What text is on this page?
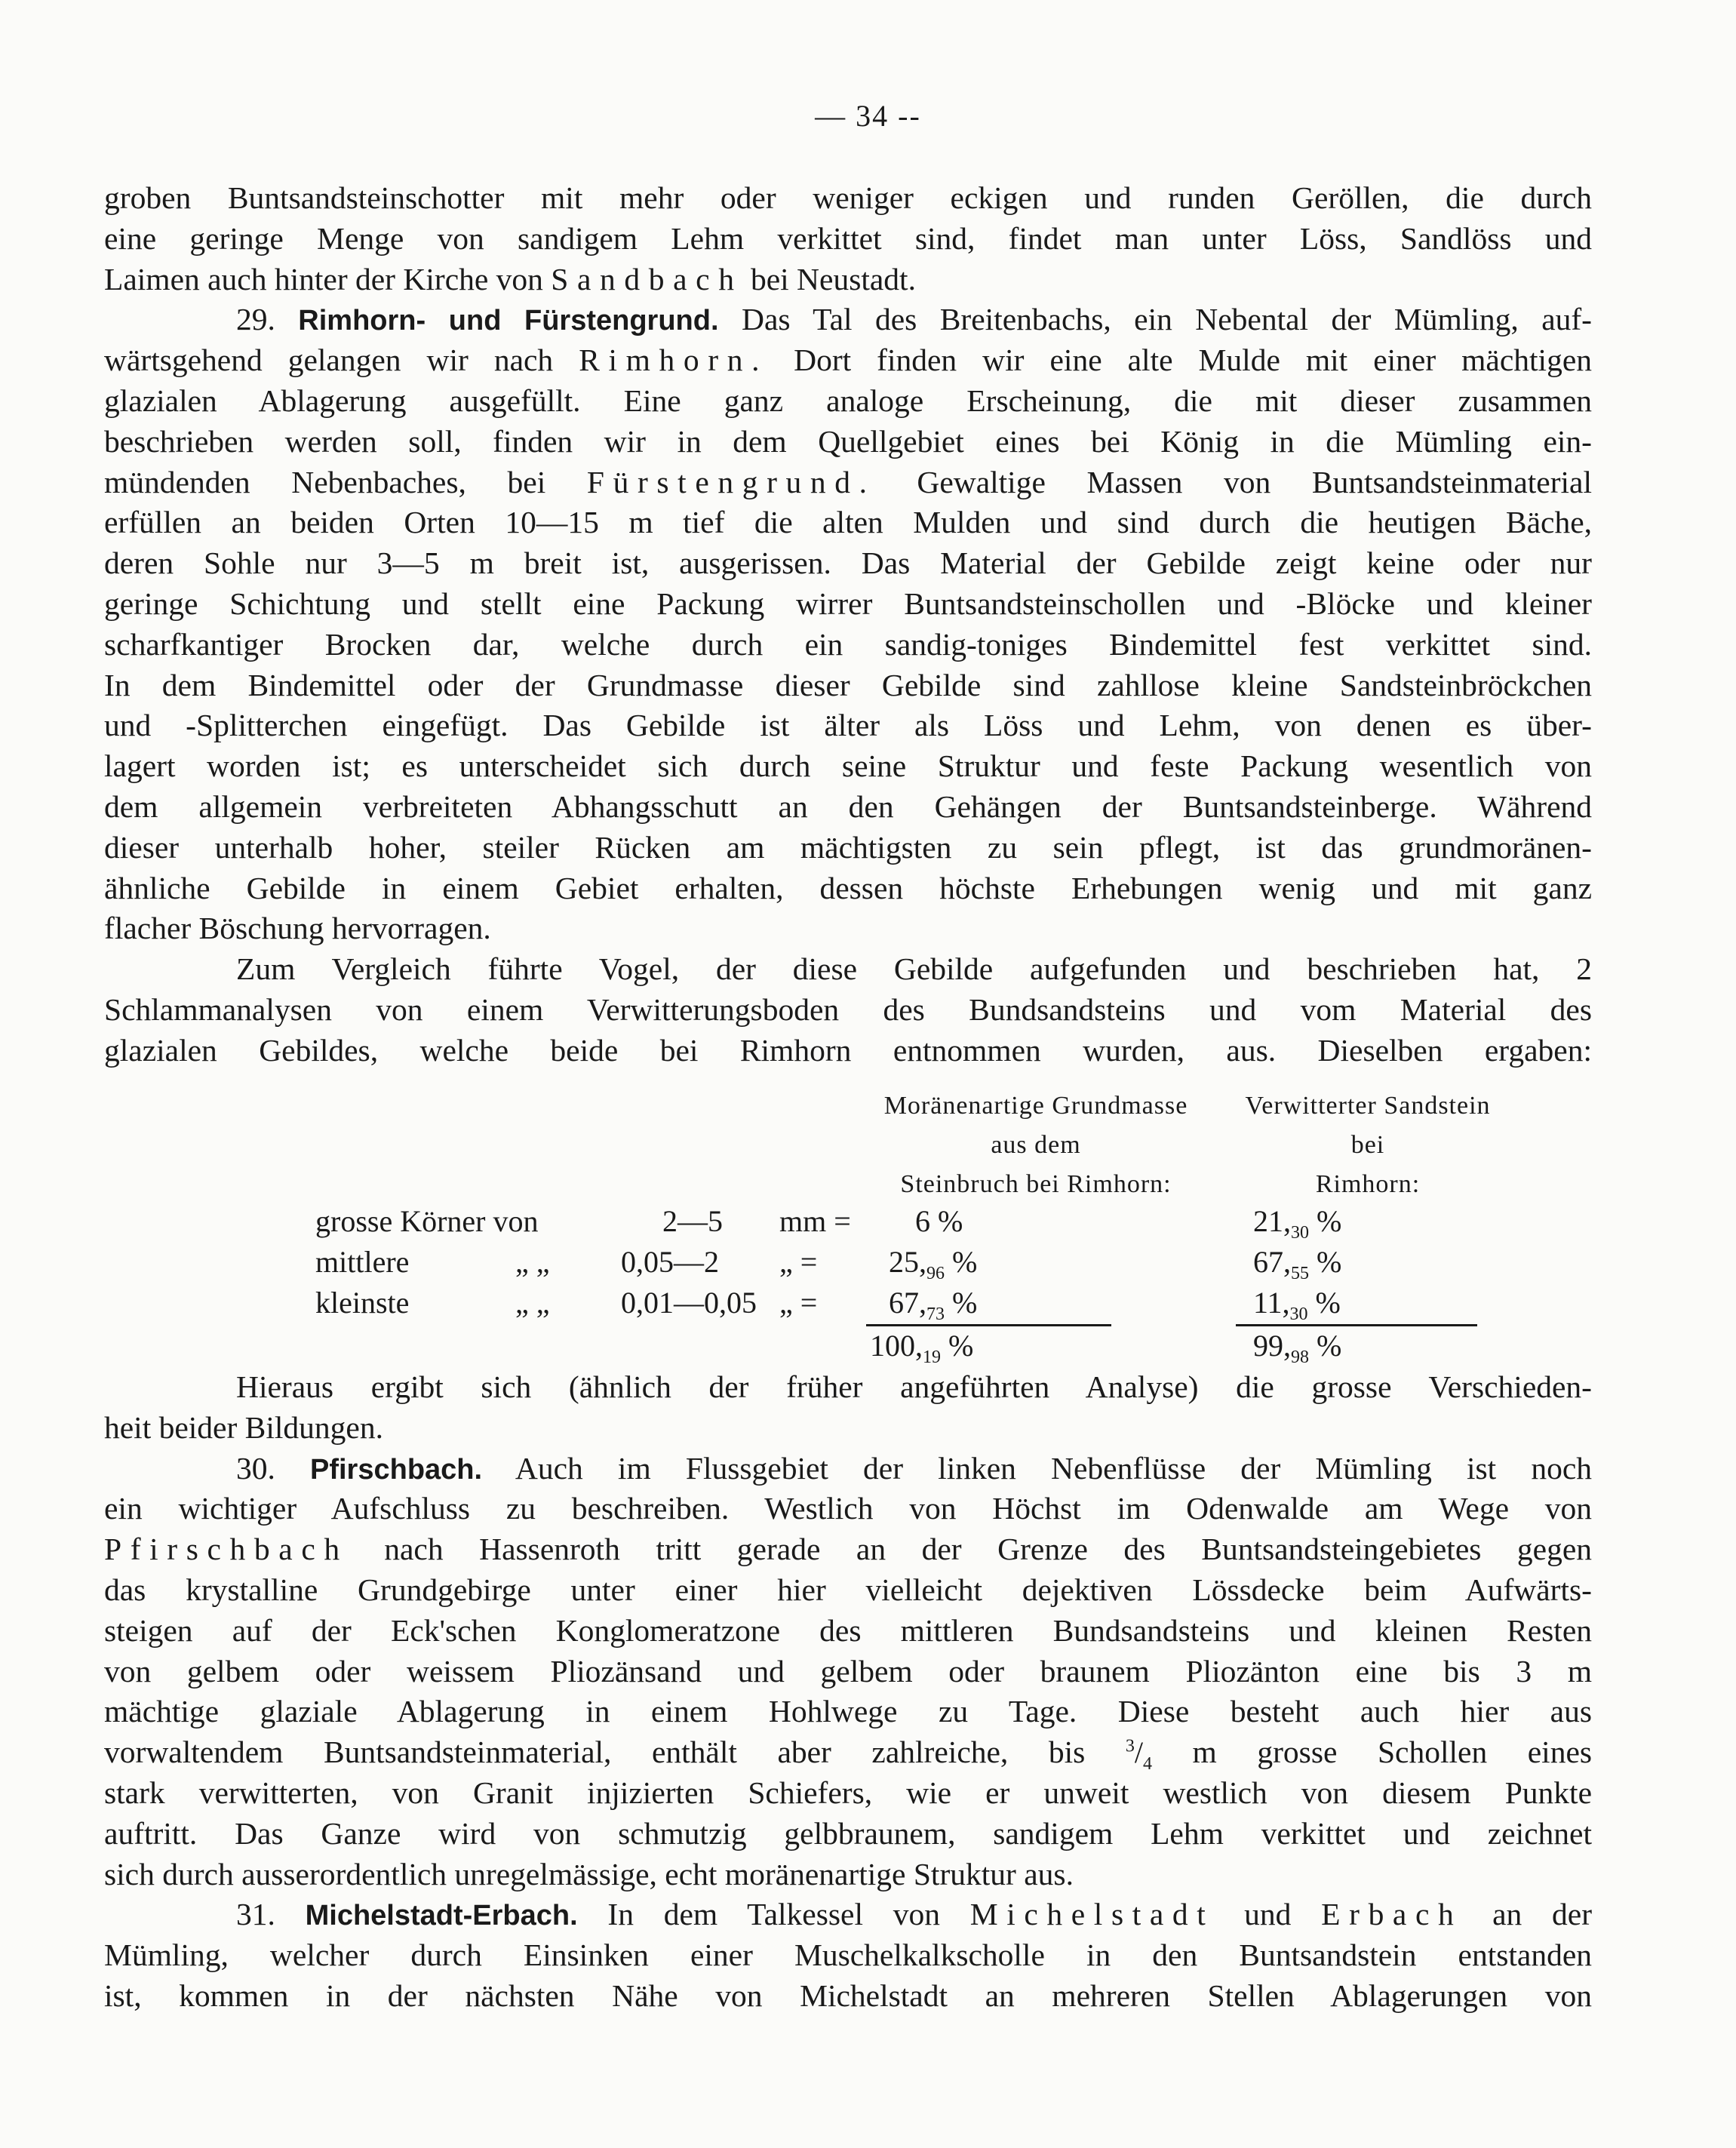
— 34 --
groben Buntsandsteinschotter mit mehr oder weniger eckigen und runden Geröllen, die durch
eine geringe Menge von sandigem Lehm verkittet sind, findet man unter Löss, Sandlöss und
Laimen auch hinter der Kirche von Sandbach bei Neustadt.
29. Rimhorn- und Fürstengrund. Das Tal des Breitenbachs, ein Nebental der Mümling, auf-
wärtsgehend gelangen wir nach Rimhorn. Dort finden wir eine alte Mulde mit einer mächtigen
glazialen Ablagerung ausgefüllt. Eine ganz analoge Erscheinung, die mit dieser zusammen
beschrieben werden soll, finden wir in dem Quellgebiet eines bei König in die Mümling ein-
mündenden Nebenbaches, bei Fürstengrund. Gewaltige Massen von Buntsandsteinmaterial
erfüllen an beiden Orten 10—15 m tief die alten Mulden und sind durch die heutigen Bäche,
deren Sohle nur 3—5 m breit ist, ausgerissen. Das Material der Gebilde zeigt keine oder nur
geringe Schichtung und stellt eine Packung wirrer Buntsandsteinschollen und -Blöcke und kleiner
scharfkantiger Brocken dar, welche durch ein sandig-toniges Bindemittel fest verkittet sind.
In dem Bindemittel oder der Grundmasse dieser Gebilde sind zahllose kleine Sandsteinbröckchen
und -Splitterchen eingefügt. Das Gebilde ist älter als Löss und Lehm, von denen es über-
lagert worden ist; es unterscheidet sich durch seine Struktur und feste Packung wesentlich von
dem allgemein verbreiteten Abhangsschutt an den Gehängen der Buntsandsteinberge. Während
dieser unterhalb hoher, steiler Rücken am mächtigsten zu sein pflegt, ist das grundmoränen-
ähnliche Gebilde in einem Gebiet erhalten, dessen höchste Erhebungen wenig und mit ganz
flacher Böschung hervorragen.
Zum Vergleich führte Vogel, der diese Gebilde aufgefunden und beschrieben hat, 2
Schlammanalysen von einem Verwitterungsboden des Bundsandsteins und vom Material des
glazialen Gebildes, welche beide bei Rimhorn entnommen wurden, aus. Dieselben ergaben:
Moränenartige Grundmasse
aus dem
Steinbruch bei Rimhorn:
Verwitterter Sandstein
bei
Rimhorn:
grosse Körner von	2—5 mm = 6 %	$21,_{30}$ %
mittlere	„ „ 0,05—2 „ = $25,_{96}$ %	$67,_{55}$ %
kleinste	„ „ 0,01—0,05 „ = $67,_{73}$ %	$11,_{30}$ %
$100,_{19}$ %	$99,_{98}$ %
Hieraus ergibt sich (ähnlich der früher angeführten Analyse) die grosse Verschieden-
heit beider Bildungen.
30. Pfirschbach. Auch im Flussgebiet der linken Nebenflüsse der Mümling ist noch
ein wichtiger Aufschluss zu beschreiben. Westlich von Höchst im Odenwalde am Wege von
Pfirschbach nach Hassenroth tritt gerade an der Grenze des Buntsandsteingebietes gegen
das krystalline Grundgebirge unter einer hier vielleicht dejektiven Lössdecke beim Aufwärts-
steigen auf der Eck'schen Konglomeratzone des mittleren Bundsandsteins und kleinen Resten
von gelbem oder weissem Pliozänsand und gelbem oder braunem Pliozänton eine bis 3 m
mächtige glaziale Ablagerung in einem Hohlwege zu Tage. Diese besteht auch hier aus
vorwaltendem Buntsandsteinmaterial, enthält aber zahlreiche, bis $^3/_4$ m grosse Schollen eines
stark verwitterten, von Granit injizierten Schiefers, wie er unweit westlich von diesem Punkte
auftritt. Das Ganze wird von schmutzig gelbbraunem, sandigem Lehm verkittet und zeichnet
sich durch ausserordentlich unregelmässige, echt moränenartige Struktur aus.
31. Michelstadt-Erbach. In dem Talkessel von Michelstadt und Erbach an der
Mümling, welcher durch Einsinken einer Muschelkalkscholle in den Buntsandstein entstanden
ist, kommen in der nächsten Nähe von Michelstadt an mehreren Stellen Ablagerungen von
